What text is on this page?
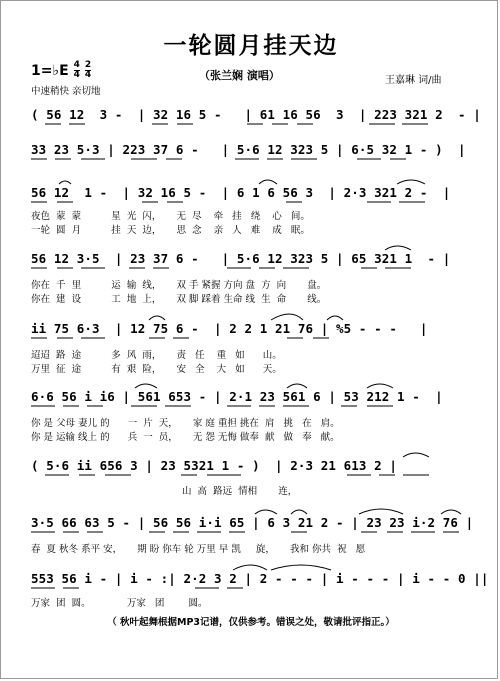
一轮圆月挂天边
1=♭E $\frac{4}{4} \frac{2}{4}$
中速稍快 亲切地
（张兰娴 演唱）	王嘉琳 词/曲
( 56 12  3 -  | 32 16 5 -   | 61 16 56  3  | 223 321 2  - |
33 23 5·3 | 223 37 6 -   | 5·6 12 323 5 | 6·5 32 1 - )  |
56 12  1 -  | 32 16 5 -  | 6 1 6 56 3  | 2·3 321 2 -  |
夜色  蒙  蒙          星  光  闪，     无  尽    牵   挂   绕    心   间。
一轮  圆  月          挂  天  边，     思  念    亲   人   难    成   眠。
56 12 3·5  | 23 37 6 -   | 5·6 12 323 5 | 65 321 1  - |
你在  千  里          运  输  线，     双 手 紧握 方向 盘  方  向       盘。
你在  建  设          工  地  上，     双 脚 踩着 生命 线  生  命       线。
ii 75 6·3  | 12 75 6 -  | 2 2 1 21 76 | %5 - - -   |
迢迢  路  途          多  风  雨，     责   任    重   如      山。
万里  征  途          有  艰  险，     安   全    大   如      天。
6·6 56 i i6 | 561 653 - | 2·1 23 561 6 | 53 212 1 -  |
你 是 父母 妻儿 的      一  片  天，     家 庭 重担 挑在  肩   挑   在   肩。
你 是 运输 线上 的      兵  一  员，     无 怨 无悔 做奉  献   做   奉   献。
( 5·6 ii 656 3 | 23 5321 1 - )  | 2·3 21 613 2 |
山  高  路远  情相       连，
3·5 66 63 5 - | 56 56 i·i 65 | 6 3 21 2 - | 23 23 i·2 76 |
春  夏 秋冬 系平 安，     期 盼 你车 轮 万里 早 凯     旋，     我和 你共  祝   愿
553 56 i - | i - :| 2·2 3 2 | 2 - - - | i - - - | i - - 0 ||
万家  团  圆。            万家   团        圆。
（ 秋叶起舞根据MP3记谱，仅供参考。错误之处，敬请批评指正。）
